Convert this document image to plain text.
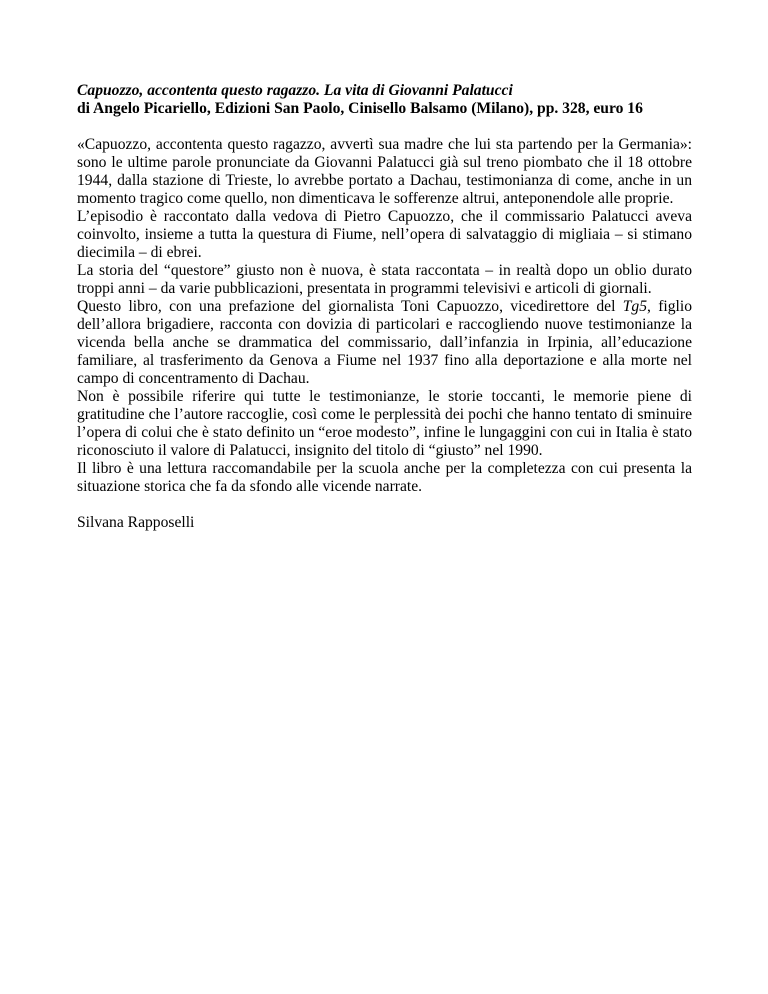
Capuozzo, accontenta questo ragazzo. La vita di Giovanni Palatucci

di Angelo Picariello, Edizioni San Paolo, Cinisello Balsamo (Milano), pp. 328, euro 16

«Capuozzo, accontenta questo ragazzo, avvertì sua madre che lui sta partendo per la Germania»: sono le ultime parole pronunciate da Giovanni Palatucci già sul treno piombato che il 18 ottobre 1944, dalla stazione di Trieste, lo avrebbe portato a Dachau, testimonianza di come, anche in un momento tragico come quello, non dimenticava le sofferenze altrui, anteponendole alle proprie.

L’episodio è raccontato dalla vedova di Pietro Capuozzo, che il commissario Palatucci aveva coinvolto, insieme a tutta la questura di Fiume, nell’opera di salvataggio di migliaia – si stimano diecimila – di ebrei.

La storia del “questore” giusto non è nuova, è stata raccontata – in realtà dopo un oblio durato troppi anni – da varie pubblicazioni, presentata in programmi televisivi e articoli di giornali.

Questo libro, con una prefazione del giornalista Toni Capuozzo, vicedirettore del Tg5, figlio dell’allora brigadiere, racconta con dovizia di particolari e raccogliendo nuove testimonianze la vicenda bella anche se drammatica del commissario, dall’infanzia in Irpinia, all’educazione familiare, al trasferimento da Genova a Fiume nel 1937 fino alla deportazione e alla morte nel campo di concentramento di Dachau.

Non è possibile riferire qui tutte le testimonianze, le storie toccanti, le memorie piene di gratitudine che l’autore raccoglie, così come le perplessità dei pochi che hanno tentato di sminuire l’opera di colui che è stato definito un “eroe modesto”, infine le lungaggini con cui in Italia è stato riconosciuto il valore di Palatucci, insignito del titolo di “giusto” nel 1990.

Il libro è una lettura raccomandabile per la scuola anche per la completezza con cui presenta la situazione storica che fa da sfondo alle vicende narrate.

Silvana Rapposelli
